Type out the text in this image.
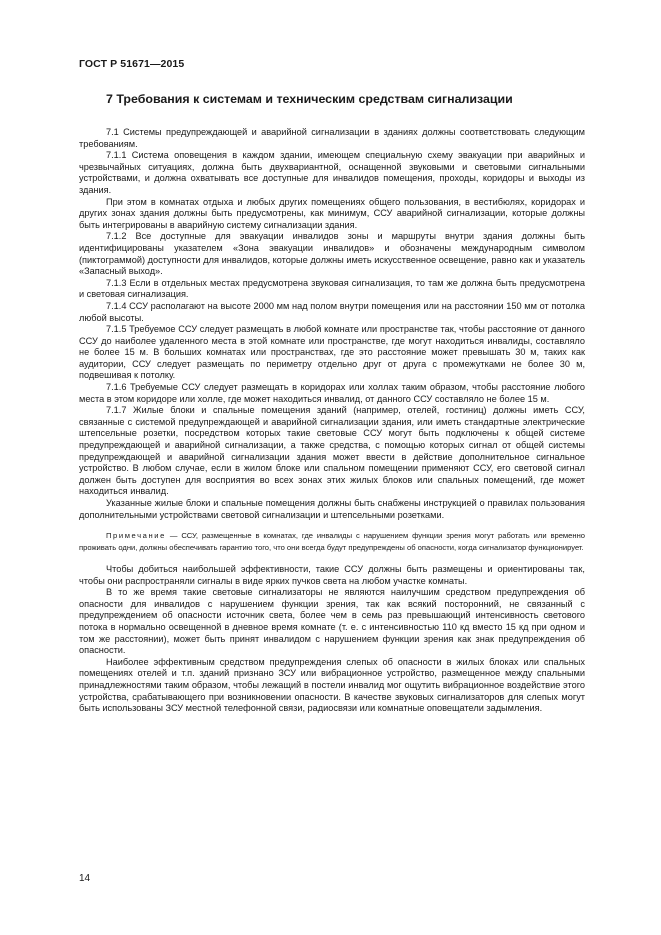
ГОСТ Р 51671—2015
7 Требования к системам и техническим средствам сигнализации

7.1 Системы предупреждающей и аварийной сигнализации в зданиях должны соответствовать следующим требованиям.

7.1.1 Система оповещения в каждом здании, имеющем специальную схему эвакуации при аварийных и чрезвычайных ситуациях, должна быть двухвариантной, оснащенной звуковыми и световыми сигнальными устройствами, и должна охватывать все доступные для инвалидов помещения, проходы, коридоры и выходы из здания.

При этом в комнатах отдыха и любых других помещениях общего пользования, в вестибюлях, коридорах и других зонах здания должны быть предусмотрены, как минимум, ССУ аварийной сигнализации, которые должны быть интегрированы в аварийную систему сигнализации здания.

7.1.2 Все доступные для эвакуации инвалидов зоны и маршруты внутри здания должны быть идентифицированы указателем «Зона эвакуации инвалидов» и обозначены международным символом (пиктограммой) доступности для инвалидов, которые должны иметь искусственное освещение, равно как и указатель «Запасный выход».

7.1.3 Если в отдельных местах предусмотрена звуковая сигнализация, то там же должна быть предусмотрена и световая сигнализация.

7.1.4 ССУ располагают на высоте 2000 мм над полом внутри помещения или на расстоянии 150 мм от потолка любой высоты.

7.1.5 Требуемое ССУ следует размещать в любой комнате или пространстве так, чтобы расстояние от данного ССУ до наиболее удаленного места в этой комнате или пространстве, где могут находиться инвалиды, составляло не более 15 м. В больших комнатах или пространствах, где это расстояние может превышать 30 м, таких как аудитории, ССУ следует размещать по периметру отдельно друг от друга с промежутками не более 30 м, подвешивая к потолку.

7.1.6 Требуемые ССУ следует размещать в коридорах или холлах таким образом, чтобы расстояние любого места в этом коридоре или холле, где может находиться инвалид, от данного ССУ составляло не более 15 м.

7.1.7 Жилые блоки и спальные помещения зданий (например, отелей, гостиниц) должны иметь ССУ, связанные с системой предупреждающей и аварийной сигнализации здания, или иметь стандартные электрические штепсельные розетки, посредством которых такие световые ССУ могут быть подключены к общей системе предупреждающей и аварийной сигнализации, а также средства, с помощью которых сигнал от общей системы предупреждающей и аварийной сигнализации здания может ввести в действие дополнительное сигнальное устройство. В любом случае, если в жилом блоке или спальном помещении применяют ССУ, его световой сигнал должен быть доступен для восприятия во всех зонах этих жилых блоков или спальных помещений, где может находиться инвалид.

Указанные жилые блоки и спальные помещения должны быть снабжены инструкцией о правилах пользования дополнительными устройствами световой сигнализации и штепсельными розетками.

Примечание — ССУ, размещенные в комнатах, где инвалиды с нарушением функции зрения могут работать или временно проживать одни, должны обеспечивать гарантию того, что они всегда будут предупреждены об опасности, когда сигнализатор функционирует.

Чтобы добиться наибольшей эффективности, такие ССУ должны быть размещены и ориентированы так, чтобы они распространяли сигналы в виде ярких пучков света на любом участке комнаты.

В то же время такие световые сигнализаторы не являются наилучшим средством предупреждения об опасности для инвалидов с нарушением функции зрения, так как всякий посторонний, не связанный с предупреждением об опасности источник света, более чем в семь раз превышающий интенсивность светового потока в нормально освещенной в дневное время комнате (т. е. с интенсивностью 110 кд вместо 15 кд при одном и том же расстоянии), может быть принят инвалидом с нарушением функции зрения как знак предупреждения об опасности.

Наиболее эффективным средством предупреждения слепых об опасности в жилых блоках или спальных помещениях отелей и т.п. зданий признано ЗСУ или вибрационное устройство, размещенное между спальными принадлежностями таким образом, чтобы лежащий в постели инвалид мог ощутить вибрационное воздействие этого устройства, срабатывающего при возникновении опасности. В качестве звуковых сигнализаторов для слепых могут быть использованы ЗСУ местной телефонной связи, радиосвязи или комнатные оповещатели задымления.

14
